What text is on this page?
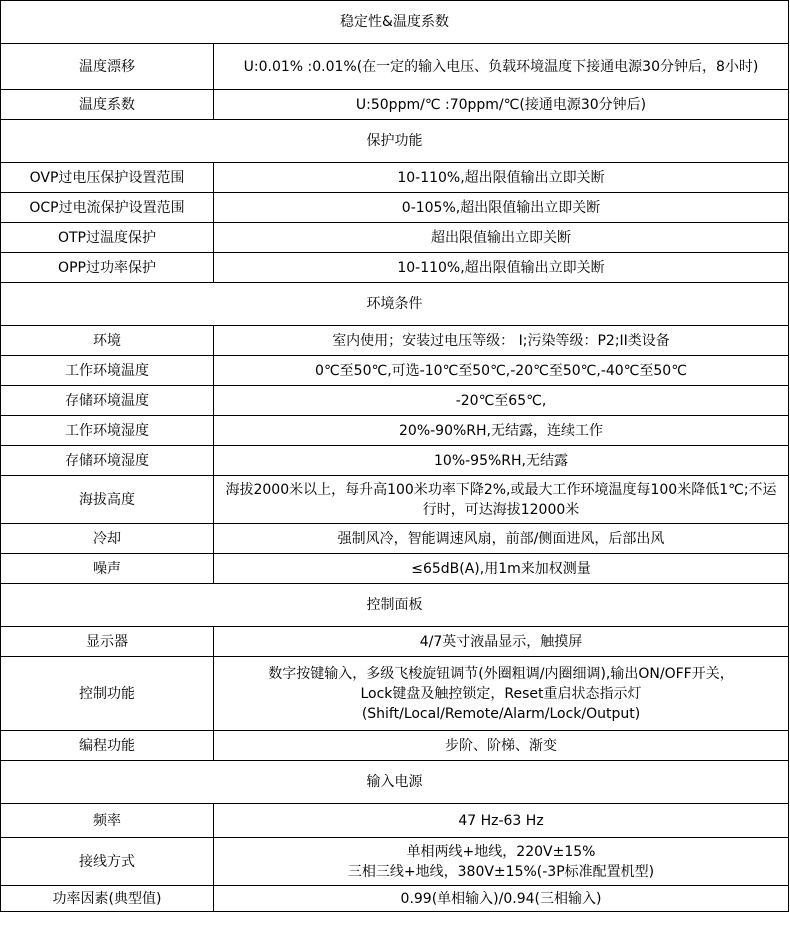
稳定性&温度系数	
温度漂移	U:0.01% :0.01%(在一定的输入电压、负载环境温度下接通电源30分钟后，8小时)
温度系数	U:50ppm/℃ :70ppm/℃(接通电源30分钟后)
保护功能	
OVP过电压保护设置范围	10-110%,超出限值输出立即关断
OCP过电流保护设置范围	0-105%,超出限值输出立即关断
OTP过温度保护	超出限值输出立即关断
OPP过功率保护	10-110%,超出限值输出立即关断
环境条件	
环境	室内使用；安装过电压等级： I;污染等级：P2;II类设备
工作环境温度	0℃至50℃,可选-10℃至50℃,-20℃至50℃,-40℃至50℃
存储环境温度	-20℃至65℃,
工作环境湿度	20%-90%RH,无结露，连续工作
存储环境湿度	10%-95%RH,无结露
海拔高度	海拔2000米以上，每升高100米功率下降2%,或最大工作环境温度每100米降低1℃;不运行时，可达海拔12000米
冷却	强制风冷，智能调速风扇，前部/侧面进风，后部出风
噪声	≤65dB(A),用1m来加权测量
控制面板	
显示器	4/7英寸液晶显示，触摸屏
控制功能	数字按键输入，多级飞梭旋钮调节(外圈粗调/内圈细调),输出ON/OFF开关，
Lock键盘及触控锁定，Reset重启状态指示灯
(Shift/Local/Remote/Alarm/Lock/Output)
编程功能	步阶、阶梯、渐变
输入电源	
频率	47 Hz-63 Hz
接线方式	单相两线+地线，220V±15%
三相三线+地线，380V±15%(-3P标准配置机型)
功率因素(典型值)	0.99(单相输入)/0.94(三相输入)
